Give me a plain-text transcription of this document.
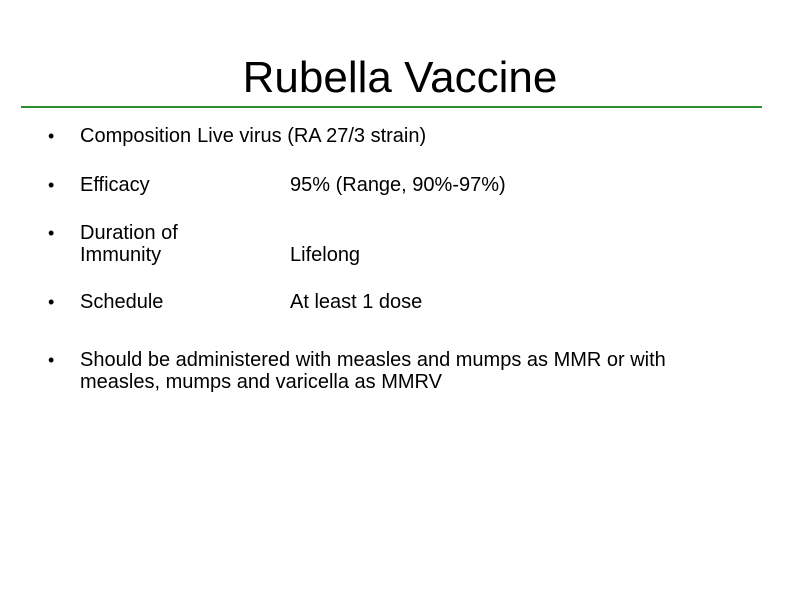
Rubella Vaccine
• Composition Live virus (RA 27/3 strain)
• Efficacy	95% (Range, 90%-97%)
• Duration of
Immunity	Lifelong
• Schedule	At least 1 dose
• Should be administered with measles and mumps as MMR or with measles, mumps and varicella as MMRV
